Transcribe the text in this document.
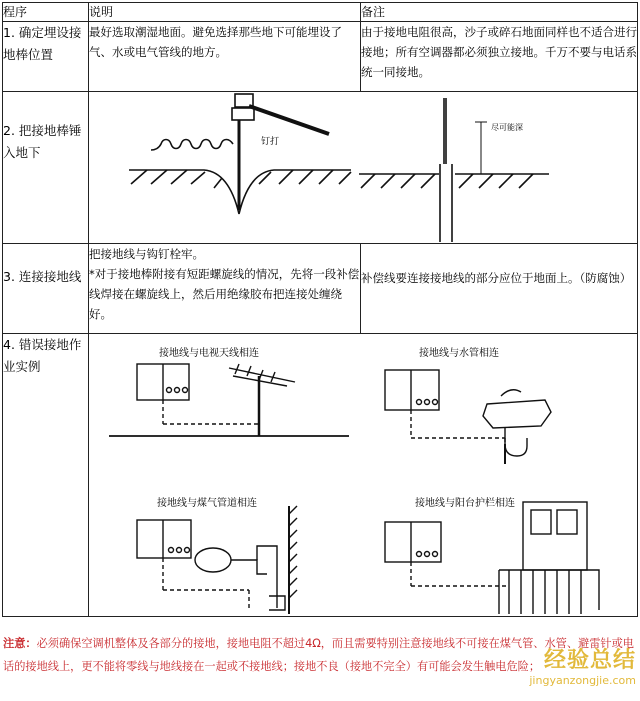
程序	说明	备注
1. 确定埋设接地棒位置	最好选取潮湿地面。避免选择那些地下可能埋设了气、水或电气管线的地方。	由于接地电阻很高，沙子或碎石地面同样也不适合进行接地；所有空调器都必须独立接地。千万不要与电话系统一同接地。
2. 把接地棒锤入地下	钉打
尽可能深	

3. 连接接地线	把接地线与钩钉栓牢。
*对于接地棒附接有短距螺旋线的情况，先将一段补偿线焊接在螺旋线上，然后用绝缘胶布把连接处缠绕好。	补偿线要连接接地线的部分应位于地面上。（防腐蚀）
4. 错误接地作业实例	接地线与电视天线相连 接地线与水管相连
接地线与煤气管道相连 接地线与阳台护栏相连	
注意：必须确保空调机整体及各部分的接地，接地电阻不超过4Ω，而且需要特别注意接地线不可接在煤气管、水管、避雷针或电话的接地线上，更不能将零线与地线接在一起或不接地线；接地不良（接地不完全）有可能会发生触电危险； 经验总结
jingyanzongjie.com
